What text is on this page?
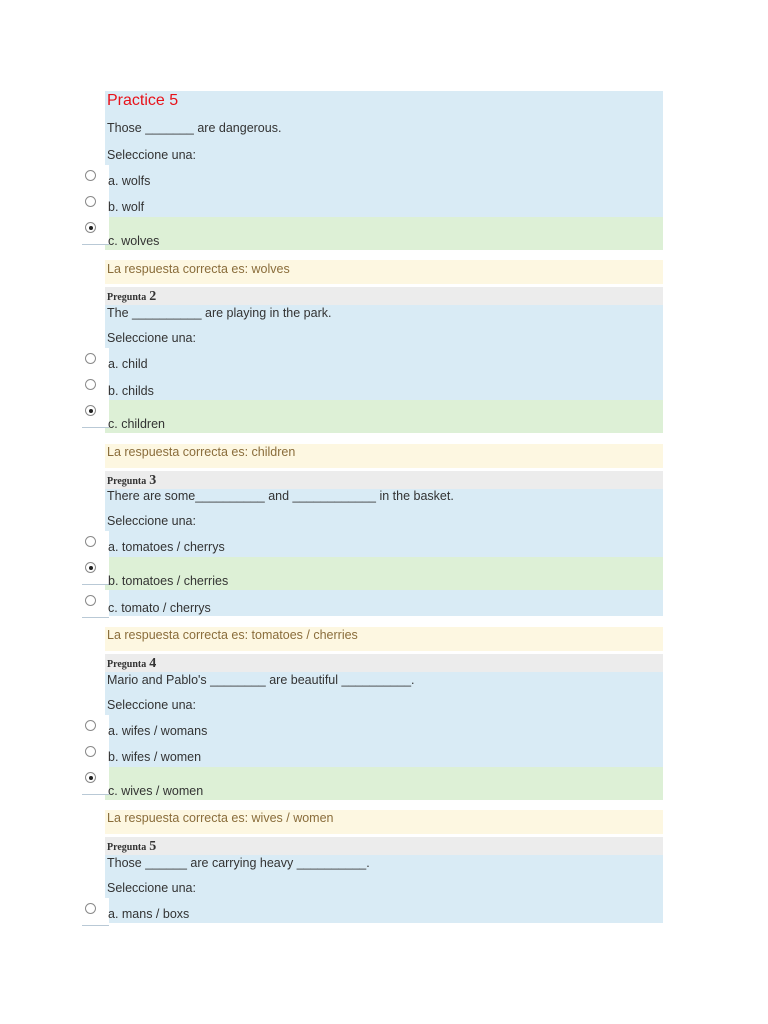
Practice 5
Those _______ are dangerous.
Seleccione una:
a. wolfs
b. wolf
c. wolves
La respuesta correcta es: wolves
Pregunta 2
The __________ are playing in the park.
Seleccione una:
a. child
b. childs
c. children
La respuesta correcta es: children
Pregunta 3
There are some__________ and ____________ in the basket.
Seleccione una:
a. tomatoes / cherrys
b. tomatoes / cherries
c. tomato / cherrys
La respuesta correcta es: tomatoes / cherries
Pregunta 4
Mario and Pablo's ________ are beautiful __________.
Seleccione una:
a. wifes / womans
b. wifes / women
c. wives / women
La respuesta correcta es: wives / women
Pregunta 5
Those ______ are carrying heavy __________.
Seleccione una:
a. mans / boxs
